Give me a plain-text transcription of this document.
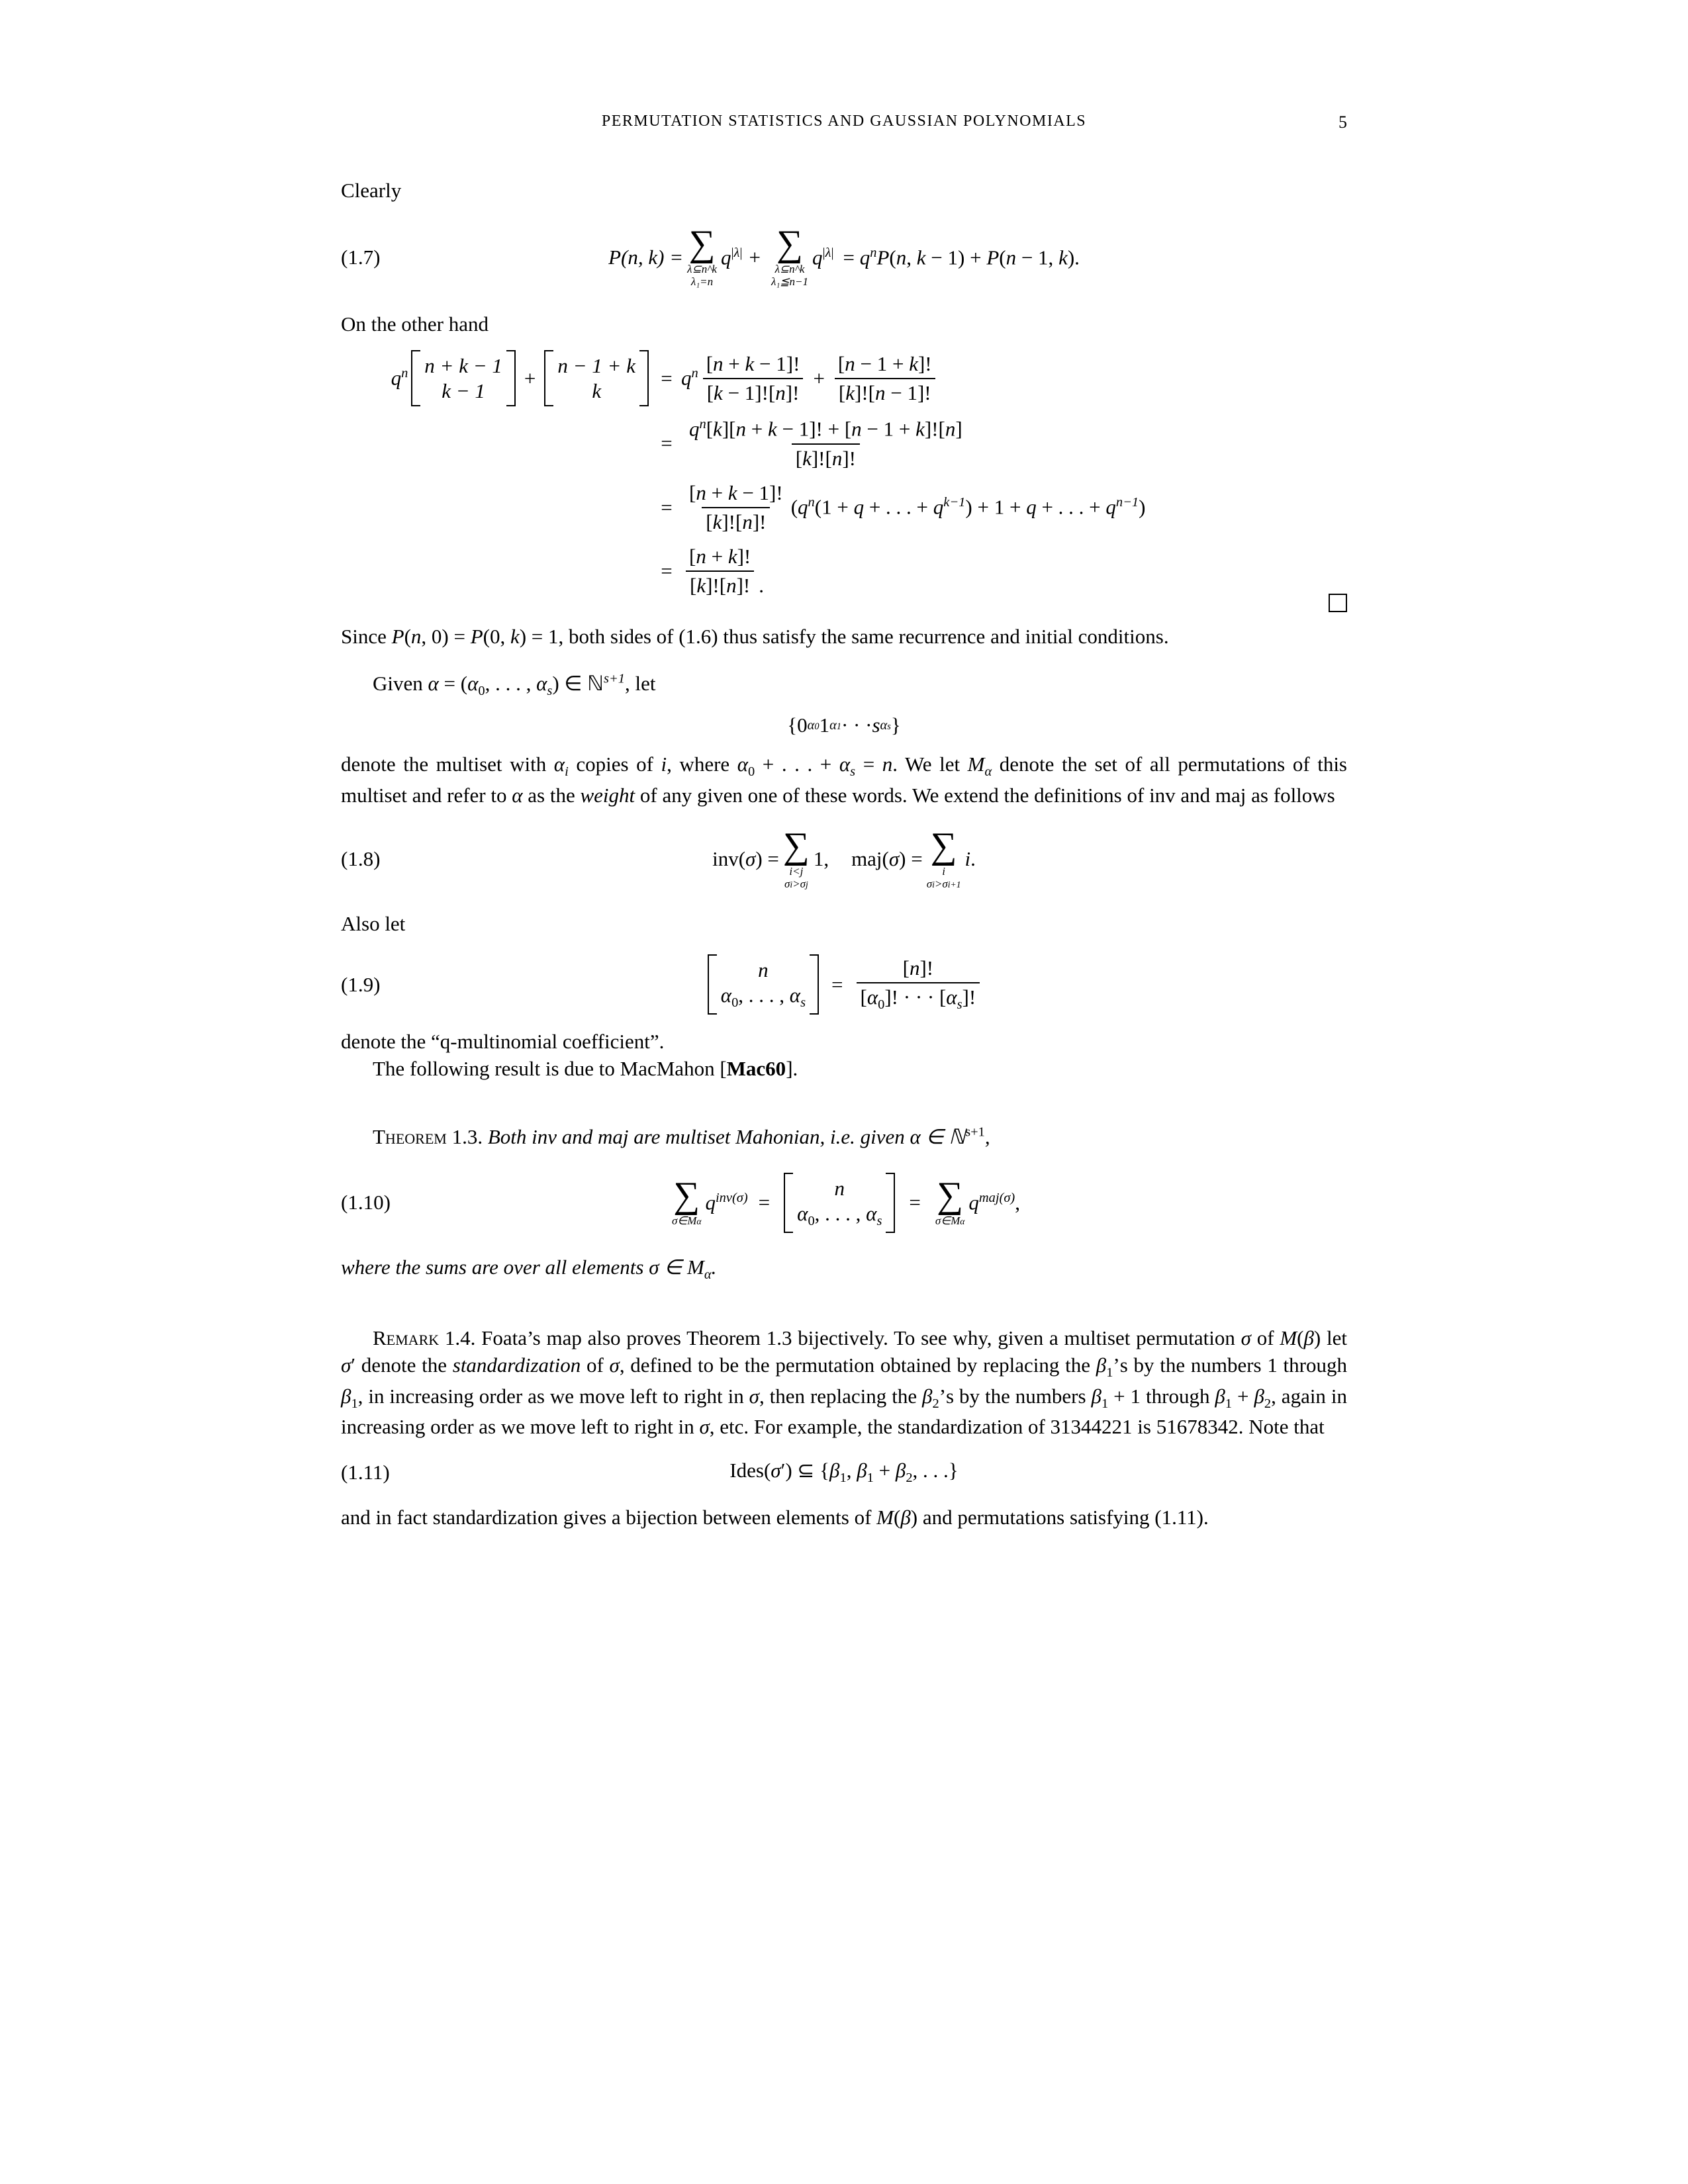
PERMUTATION STATISTICS AND GAUSSIAN POLYNOMIALS	5

Clearly

(1.7)	P(n, k) = ∑
λ⊆n^k
λ₁=n
$q^{|\lambda|}$ + ∑
λ⊆n^k
λ₁≦n−1
$q^{|\lambda|} = q^nP(n$, k − 1) + P(n − 1, k).

On the other hand

$q^n$ n + k − 1
k − 1
+
n − 1 + k
k
= $q^n \frac{[n + k - 1]!}{[k - 1]![n]!} + \frac{[n - 1 + k]!}{[k]![n - 1]!}$
= $\frac{q^n[k][n + k - 1]! + [n - 1 + k]![n]}{[k]![n]!}$
= $\frac{[n + k - 1]!}{[k]![n]!} (q^n(1 + q$ + . . . + $q^{k-1}) + 1 + q$ + . . . + $q^{n-1}$)
= $\frac{[n + k]!}{[k]![n]!}$ .

Since P(n, 0) = P(0, k) = 1, both sides of (1.6) thus satisfy the same recurrence and initial conditions.

Given $\alpha = (\alpha_0$, . . . , $\alpha_s$) ∈ ℕ$^{s+1}$, let

{0 α0 1 α1 · · · s αs }

denote the multiset with $\alpha_i$ copies of i, where $\alpha_0$ + . . . + $\alpha_s = n$. We let $M_\alpha$ denote the set of all permutations of this multiset and refer to α as the weight of any given one of these words. We extend the definitions of inv and maj as follows

(1.8)	inv(σ) = ∑
i<j
σi>σj
1, maj(σ) = ∑
i
σi>σi+1
i.

Also let

(1.9)
n
$\alpha_0$, . . . , $\alpha_s$
= $\frac{[n]!}{[\alpha_0]! \cdot \cdot \cdot [\alpha_s]!}$

denote the “q-multinomial coefficient”.

The following result is due to MacMahon [Mac60].

Theorem 1.3. Both inv and maj are multiset Mahonian, i.e. given α ∈ ℕ$^{s+1}$,

(1.10)	∑
σ∈Mα
$q^{inv(\sigma)}$ =
n
$\alpha_0$, . . . , $\alpha_s$
= ∑
σ∈Mα
$q^{maj(\sigma)}$,

where the sums are over all elements σ ∈ $M_\alpha$.

Remark 1.4. Foata’s map also proves Theorem 1.3 bijectively. To see why, given a multiset permutation σ of M(β) let σ′ denote the standardization of σ, defined to be the permutation obtained by replacing the $\beta_1’s$ by the numbers 1 through $\beta_1$, in increasing order as we move left to right in σ, then replacing the $\beta_2’s$ by the numbers $\beta_1 + 1$ through $\beta_1 + \beta_2$, again in increasing order as we move left to right in σ, etc. For example, the standardization of 31344221 is 51678342. Note that

(1.11)	Ides(σ′) ⊆ {$\beta_1$, $\beta_1 + \beta_2$, . . .}

and in fact standardization gives a bijection between elements of M(β) and permutations satisfying (1.11).
